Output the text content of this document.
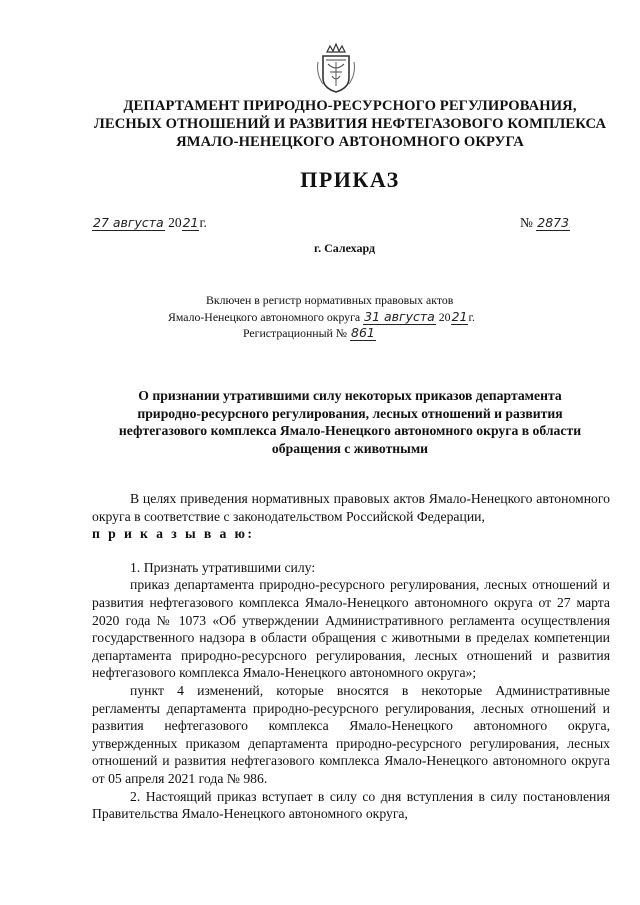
ДЕПАРТАМЕНТ ПРИРОДНО-РЕСУРСНОГО РЕГУЛИРОВАНИЯ,
ЛЕСНЫХ ОТНОШЕНИЙ И РАЗВИТИЯ НЕФТЕГАЗОВОГО КОМПЛЕКСА
ЯМАЛО-НЕНЕЦКОГО АВТОНОМНОГО ОКРУГА
ПРИКАЗ
27 августа 2021г.	№ 2873
г. Салехард
Включен в регистр нормативных правовых актов
Ямало-Ненецкого автономного округа 31 августа 2021г.
Регистрационный № 861
О признании утратившими силу некоторых приказов департамента
природно-ресурсного регулирования, лесных отношений и развития
нефтегазового комплекса Ямало-Ненецкого автономного округа в области
обращения с животными

В целях приведения нормативных правовых актов Ямало-Ненецкого автономного округа в соответствие с законодательством Российской Федерации,

п р и к а з ы в а ю:

1. Признать утратившими силу:

приказ департамента природно-ресурсного регулирования, лесных отношений и развития нефтегазового комплекса Ямало-Ненецкого автономного округа от 27 марта 2020 года № 1073 «Об утверждении Административного регламента осуществления государственного надзора в области обращения с животными в пределах компетенции департамента природно-ресурсного регулирования, лесных отношений и развития нефтегазового комплекса Ямало-Ненецкого автономного округа»;

пункт 4 изменений, которые вносятся в некоторые Административные регламенты департамента природно-ресурсного регулирования, лесных отношений и развития нефтегазового комплекса Ямало-Ненецкого автономного округа, утвержденных приказом департамента природно-ресурсного регулирования, лесных отношений и развития нефтегазового комплекса Ямало-Ненецкого автономного округа от 05 апреля 2021 года № 986.

2. Настоящий приказ вступает в силу со дня вступления в силу постановления Правительства Ямало-Ненецкого автономного округа,
